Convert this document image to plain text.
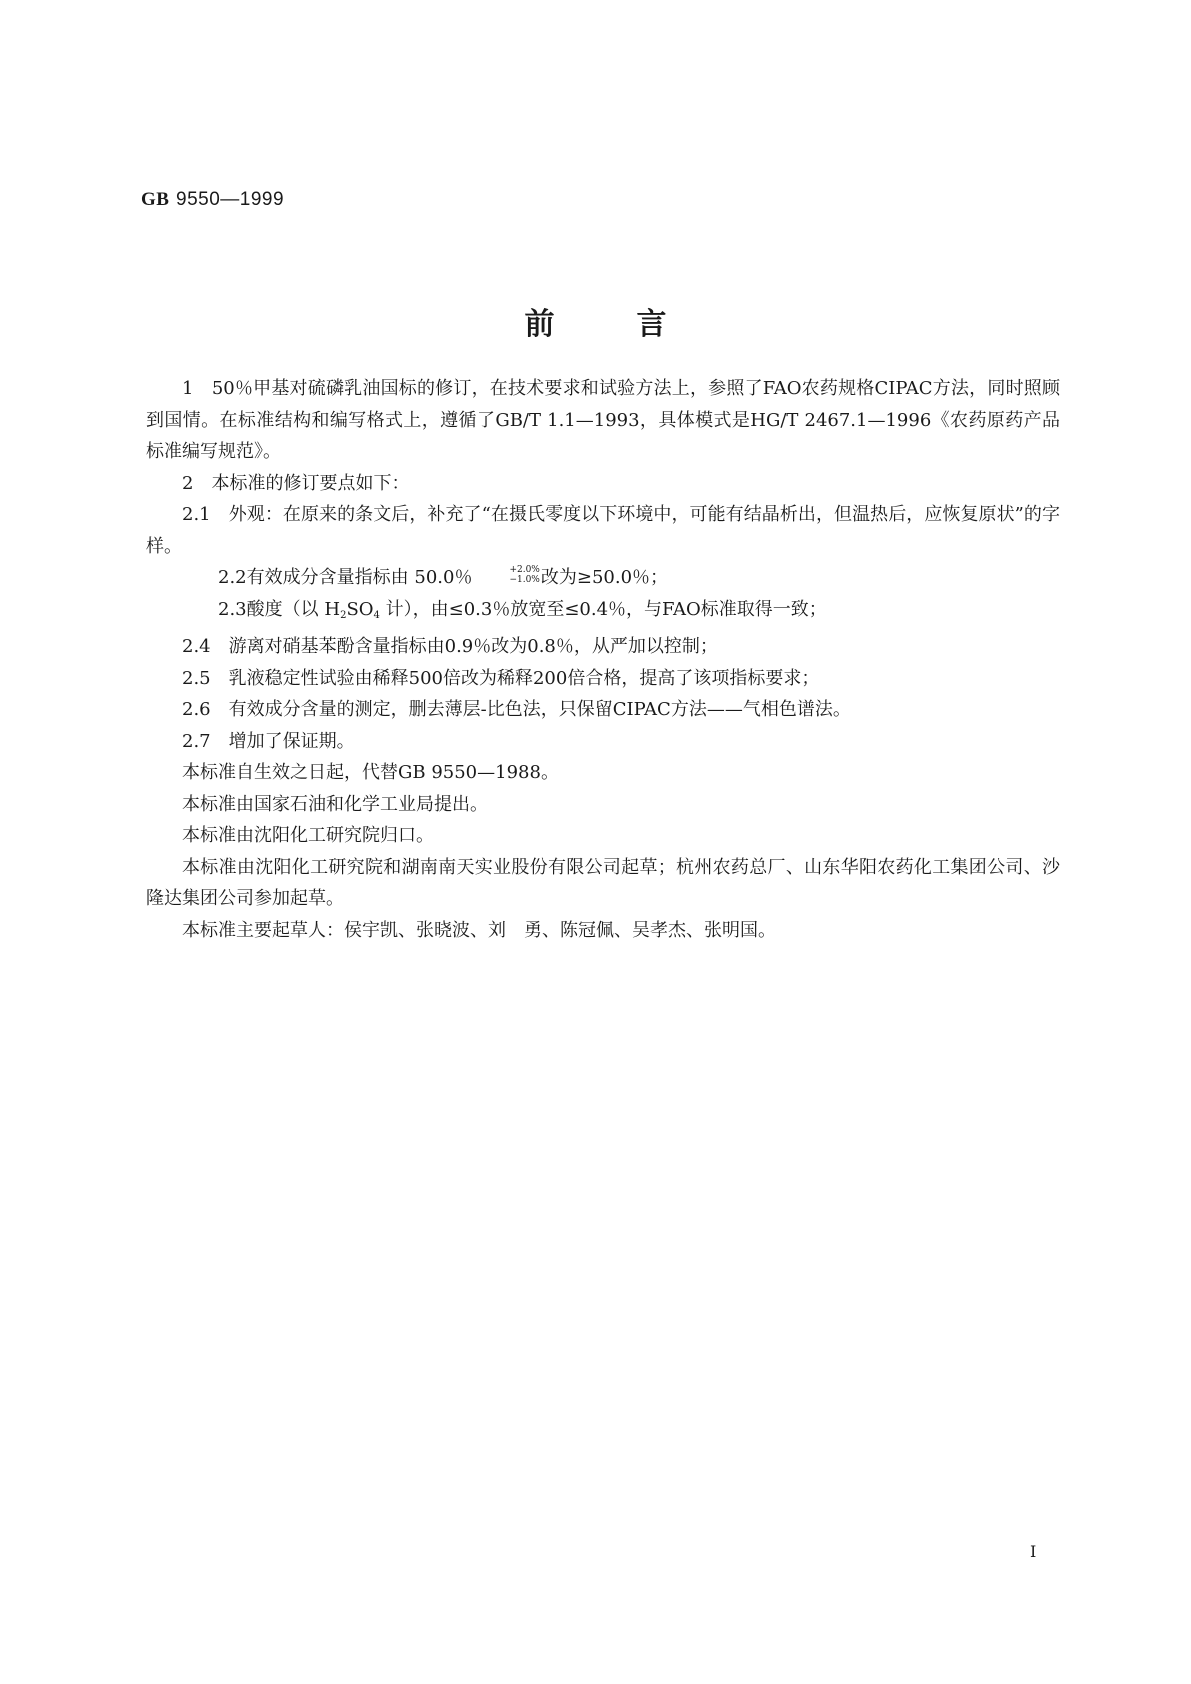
GB 9550—1999
前言

1　50％甲基对硫磷乳油国标的修订，在技术要求和试验方法上，参照了FAO农药规格CIPAC方法，同时照顾到国情。在标准结构和编写格式上，遵循了GB/T 1.1—1993，具体模式是HG/T 2467.1—1996《农药原药产品标准编写规范》。

2　本标准的修订要点如下：

2.1　外观：在原来的条文后，补充了“在摄氏零度以下环境中，可能有结晶析出，但温热后，应恢复原状”的字样。

2.2有效成分含量指标由 50.0％	+2.0%
−1.0% 改为≥50.0％；

2.3酸度（以 $H_2SO_4$ 计），由≤0.3％放宽至≤0.4％，与FAO标准取得一致；

2.4　游离对硝基苯酚含量指标由0.9％改为0.8％，从严加以控制；

2.5　乳液稳定性试验由稀释500倍改为稀释200倍合格，提高了该项指标要求；

2.6　有效成分含量的测定，删去薄层-比色法，只保留CIPAC方法——气相色谱法。

2.7　增加了保证期。

本标准自生效之日起，代替GB 9550—1988。

本标准由国家石油和化学工业局提出。

本标准由沈阳化工研究院归口。

本标准由沈阳化工研究院和湖南南天实业股份有限公司起草；杭州农药总厂、山东华阳农药化工集团公司、沙隆达集团公司参加起草。

本标准主要起草人：侯宇凯、张晓波、刘　勇、陈冠佩、吴孝杰、张明国。

I
